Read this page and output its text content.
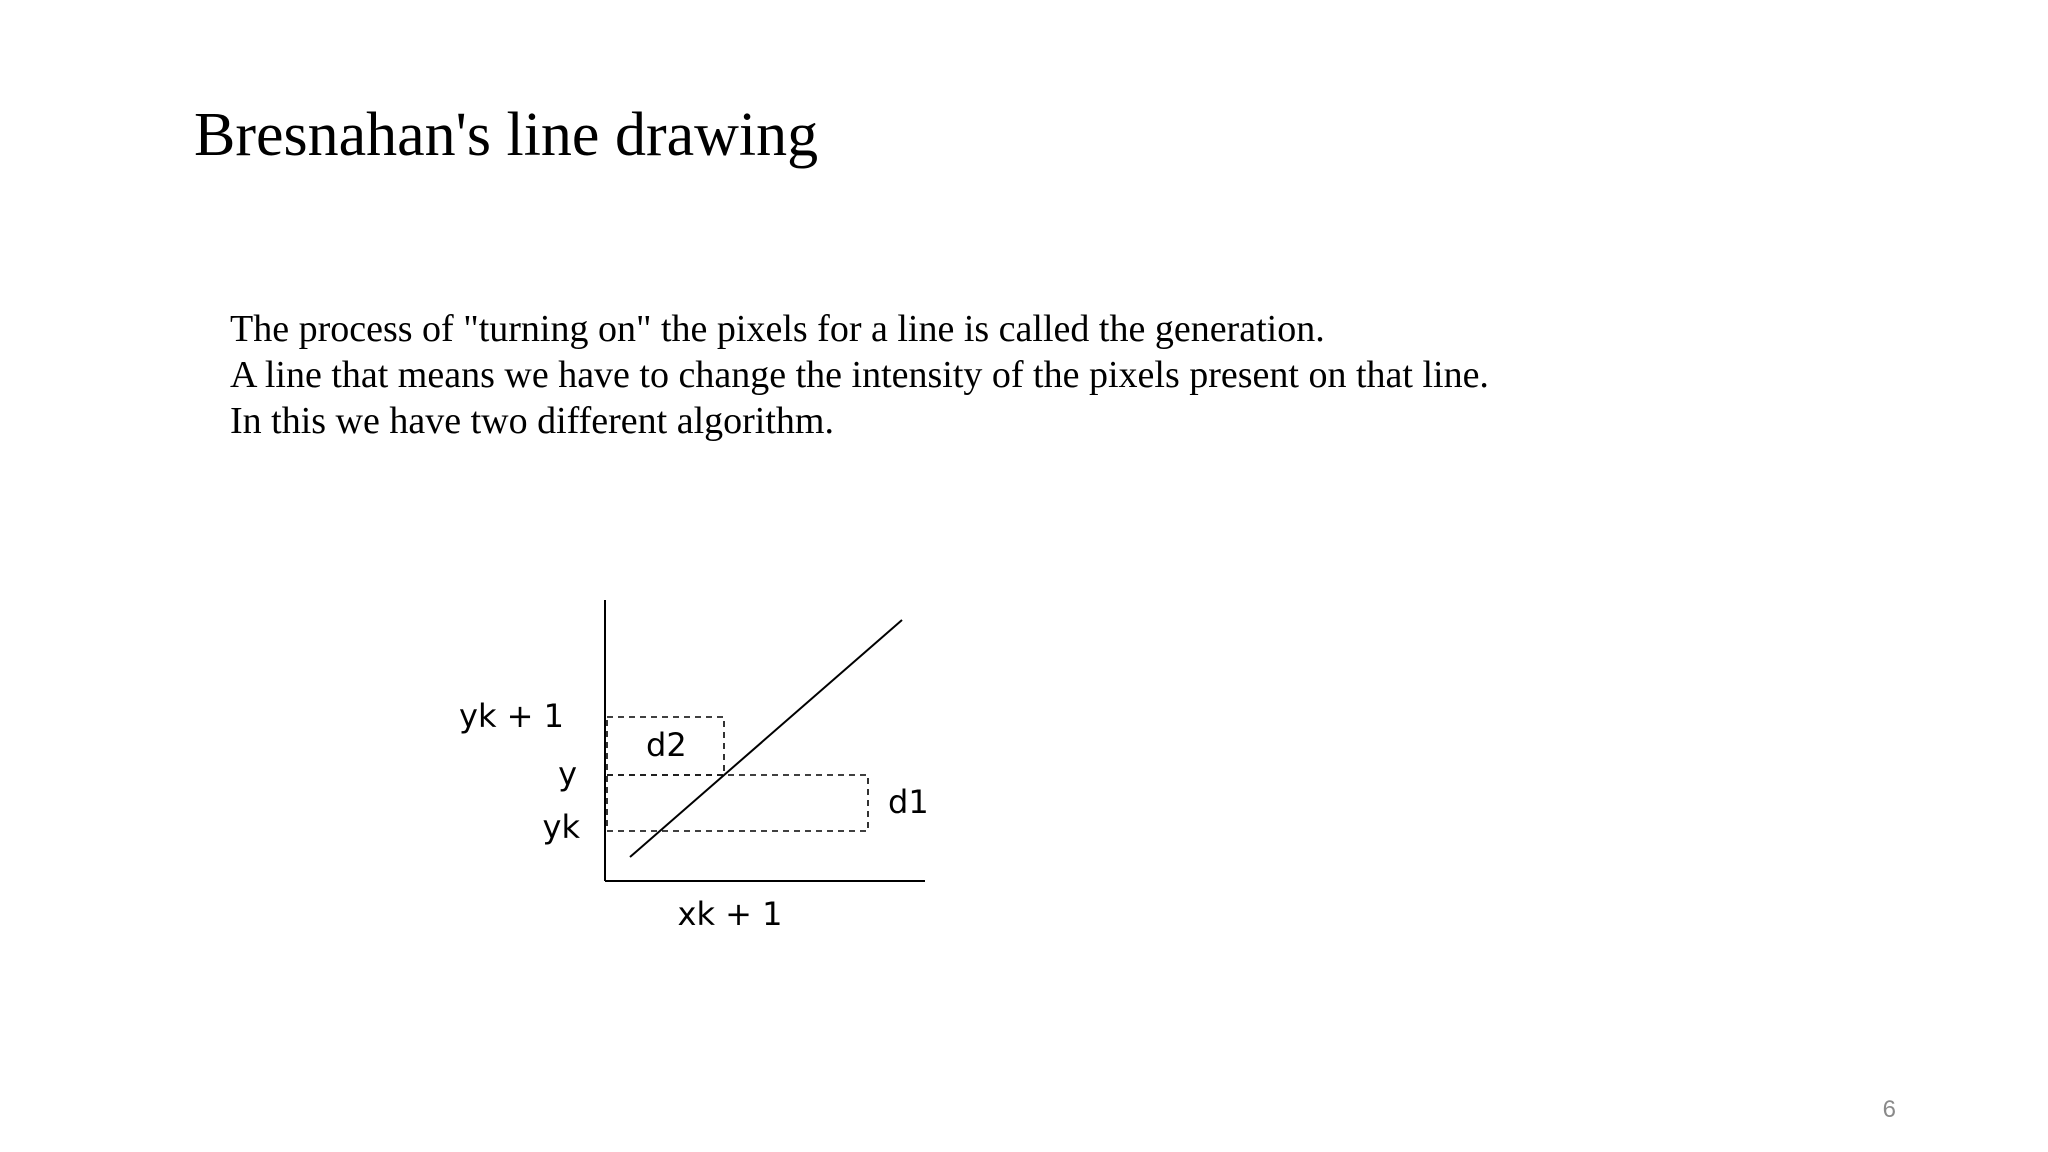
Bresnahan's line drawing

The process of "turning on" the pixels for a line is called the generation.

A line that means we have to change the intensity of the pixels present on that line.

In this we have two different algorithm.

yk + 1
y
yk
d2
d1
xk + 1
6
